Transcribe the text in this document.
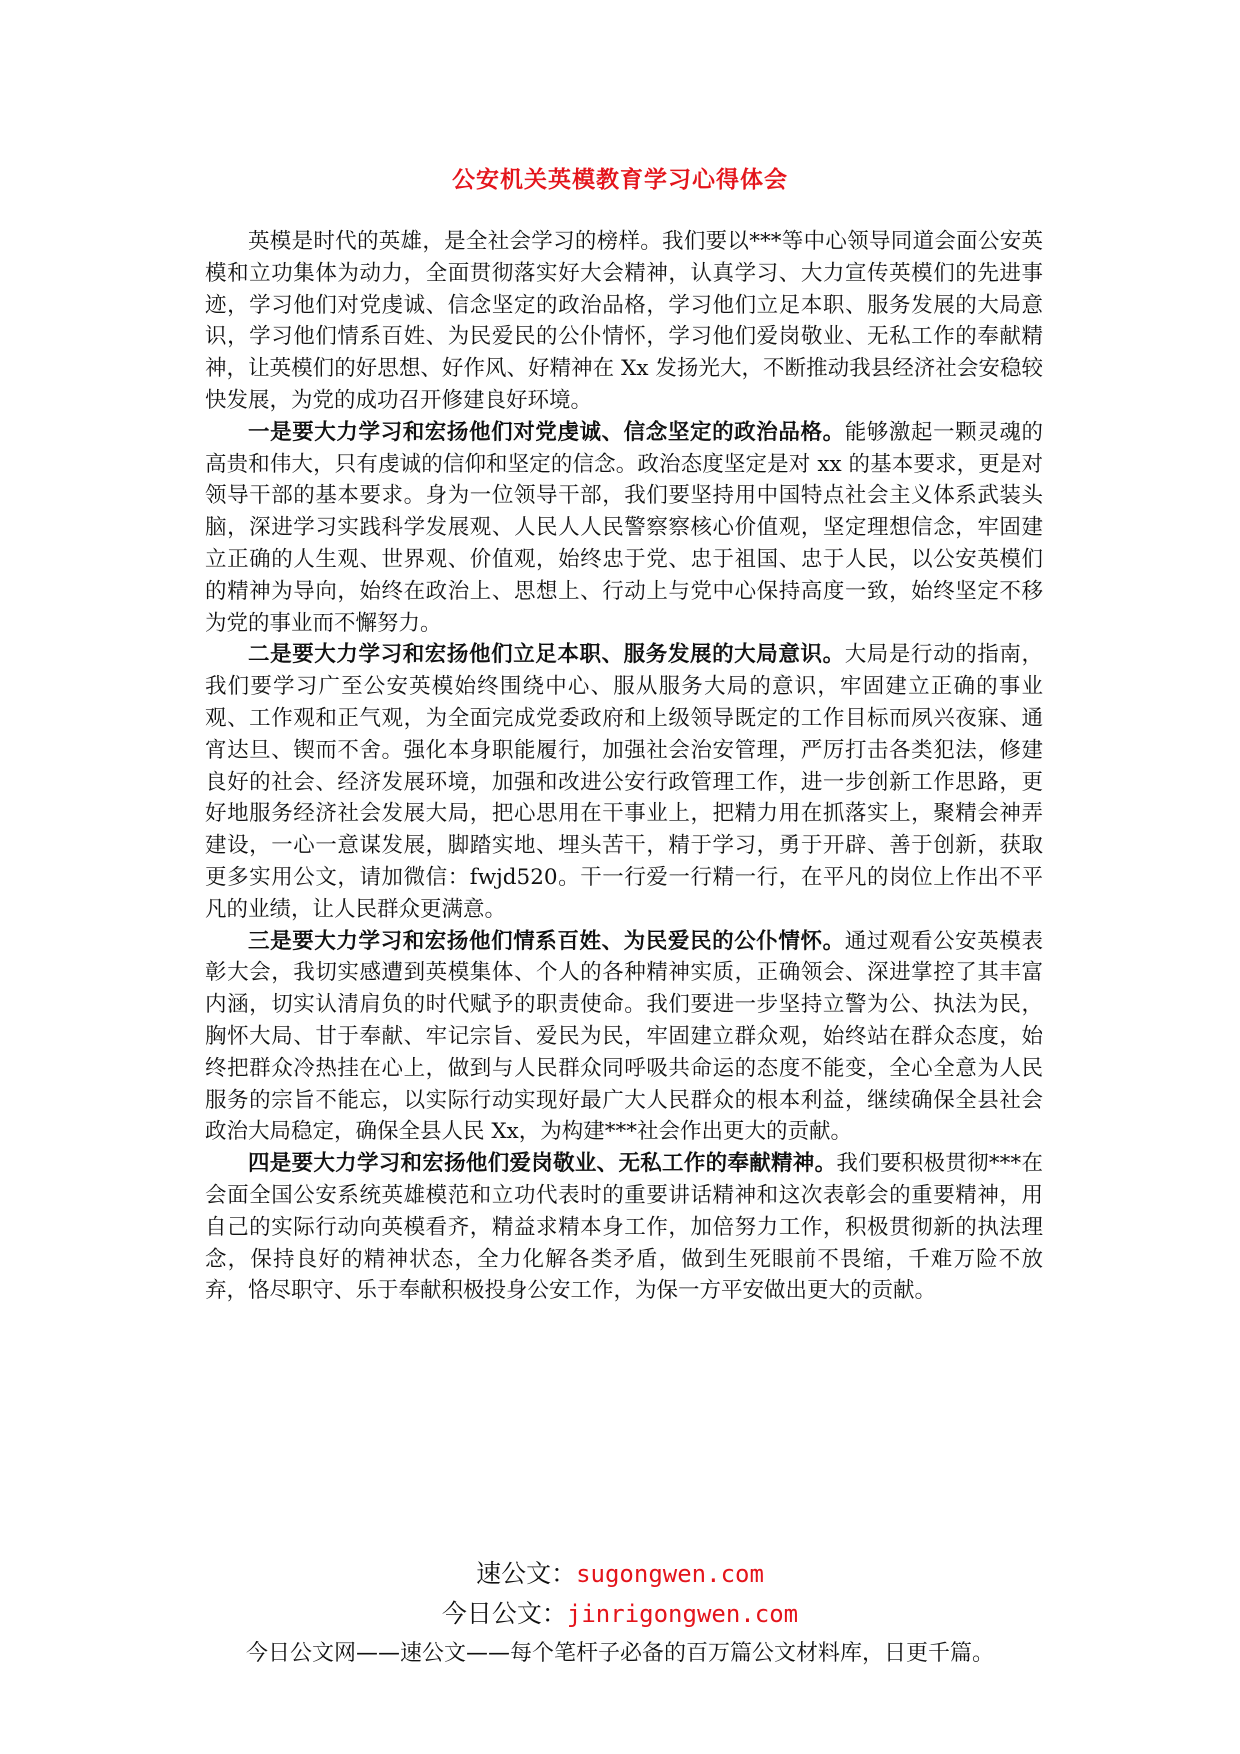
公安机关英模教育学习心得体会

英模是时代的英雄，是全社会学习的榜样。我们要以***等中心领导同道会面公安英模和立功集体为动力，全面贯彻落实好大会精神，认真学习、大力宣传英模们的先进事迹，学习他们对党虔诚、信念坚定的政治品格，学习他们立足本职、服务发展的大局意识，学习他们情系百姓、为民爱民的公仆情怀，学习他们爱岗敬业、无私工作的奉献精神，让英模们的好思想、好作风、好精神在 Xx 发扬光大，不断推动我县经济社会安稳较快发展，为党的成功召开修建良好环境。

一是要大力学习和宏扬他们对党虔诚、信念坚定的政治品格。能够激起一颗灵魂的高贵和伟大，只有虔诚的信仰和坚定的信念。政治态度坚定是对 xx 的基本要求，更是对领导干部的基本要求。身为一位领导干部，我们要坚持用中国特点社会主义体系武装头脑，深进学习实践科学发展观、人民人人民警察察核心价值观，坚定理想信念，牢固建立正确的人生观、世界观、价值观，始终忠于党、忠于祖国、忠于人民，以公安英模们的精神为导向，始终在政治上、思想上、行动上与党中心保持高度一致，始终坚定不移为党的事业而不懈努力。

二是要大力学习和宏扬他们立足本职、服务发展的大局意识。大局是行动的指南，我们要学习广至公安英模始终围绕中心、服从服务大局的意识，牢固建立正确的事业观、工作观和正气观，为全面完成党委政府和上级领导既定的工作目标而夙兴夜寐、通宵达旦、锲而不舍。强化本身职能履行，加强社会治安管理，严厉打击各类犯法，修建良好的社会、经济发展环境，加强和改进公安行政管理工作，进一步创新工作思路，更好地服务经济社会发展大局，把心思用在干事业上，把精力用在抓落实上，聚精会神弄建设，一心一意谋发展，脚踏实地、埋头苦干，精于学习，勇于开辟、善于创新，获取更多实用公文，请加微信：fwjd520。干一行爱一行精一行，在平凡的岗位上作出不平凡的业绩，让人民群众更满意。

三是要大力学习和宏扬他们情系百姓、为民爱民的公仆情怀。通过观看公安英模表彰大会，我切实感遭到英模集体、个人的各种精神实质，正确领会、深进掌控了其丰富内涵，切实认清肩负的时代赋予的职责使命。我们要进一步坚持立警为公、执法为民， 胸怀大局、甘于奉献、牢记宗旨、爱民为民，牢固建立群众观，始终站在群众态度，始终把群众冷热挂在心上，做到与人民群众同呼吸共命运的态度不能变，全心全意为人民服务的宗旨不能忘，以实际行动实现好最广大人民群众的根本利益，继续确保全县社会政治大局稳定，确保全县人民 Xx，为构建***社会作出更大的贡献。

四是要大力学习和宏扬他们爱岗敬业、无私工作的奉献精神。我们要积极贯彻***在会面全国公安系统英雄模范和立功代表时的重要讲话精神和这次表彰会的重要精神，用自己的实际行动向英模看齐，精益求精本身工作，加倍努力工作，积极贯彻新的执法理念，保持良好的精神状态，全力化解各类矛盾，做到生死眼前不畏缩，千难万险不放弃，恪尽职守、乐于奉献积极投身公安工作，为保一方平安做出更大的贡献。

速公文：sugongwen.com
今日公文：jinrigongwen.com
今日公文网——速公文——每个笔杆子必备的百万篇公文材料库，日更千篇。
